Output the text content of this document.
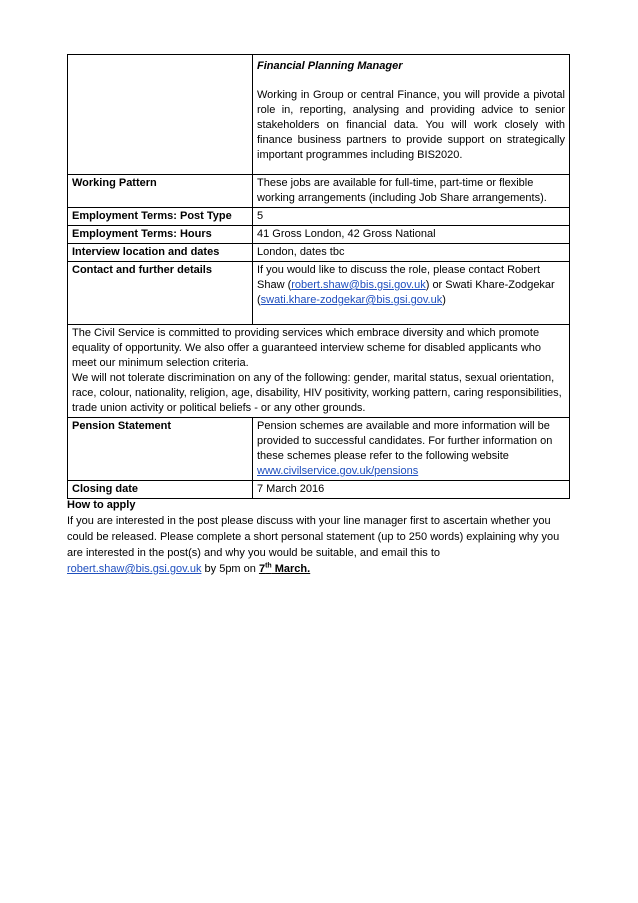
	Financial Planning Manager
Working in Group or central Finance, you will provide a pivotal role in, reporting, analysing and providing advice to senior stakeholders on financial data. You will work closely with finance business partners to provide support on strategically important programmes including BIS2020.

Working Pattern	These jobs are available for full-time, part-time or flexible working arrangements (including Job Share arrangements).
Employment Terms: Post Type	5
Employment Terms: Hours	41 Gross London, 42 Gross National
Interview location and dates	London, dates tbc
Contact and further details	If you would like to discuss the role, please contact Robert Shaw (robert.shaw@bis.gsi.gov.uk) or Swati Khare-Zodgekar (swati.khare-zodgekar@bis.gsi.gov.uk)

The Civil Service is committed to providing services which embrace diversity and which promote equality of opportunity. We also offer a guaranteed interview scheme for disabled applicants who meet our minimum selection criteria.
We will not tolerate discrimination on any of the following: gender, marital status, sexual orientation, race, colour, nationality, religion, age, disability, HIV positivity, working pattern, caring responsibilities, trade union activity or political beliefs - or any other grounds.	

Pension Statement	Pension schemes are available and more information will be provided to successful candidates. For further information on these schemes please refer to the following website
www.civilservice.gov.uk/pensions
Closing date	7 March 2016
How to apply
If you are interested in the post please discuss with your line manager first to ascertain whether you could be released. Please complete a short personal statement (up to 250 words) explaining why you are interested in the post(s) and why you would be suitable, and email this to
robert.shaw@bis.gsi.gov.uk by 5pm on 7th March.
